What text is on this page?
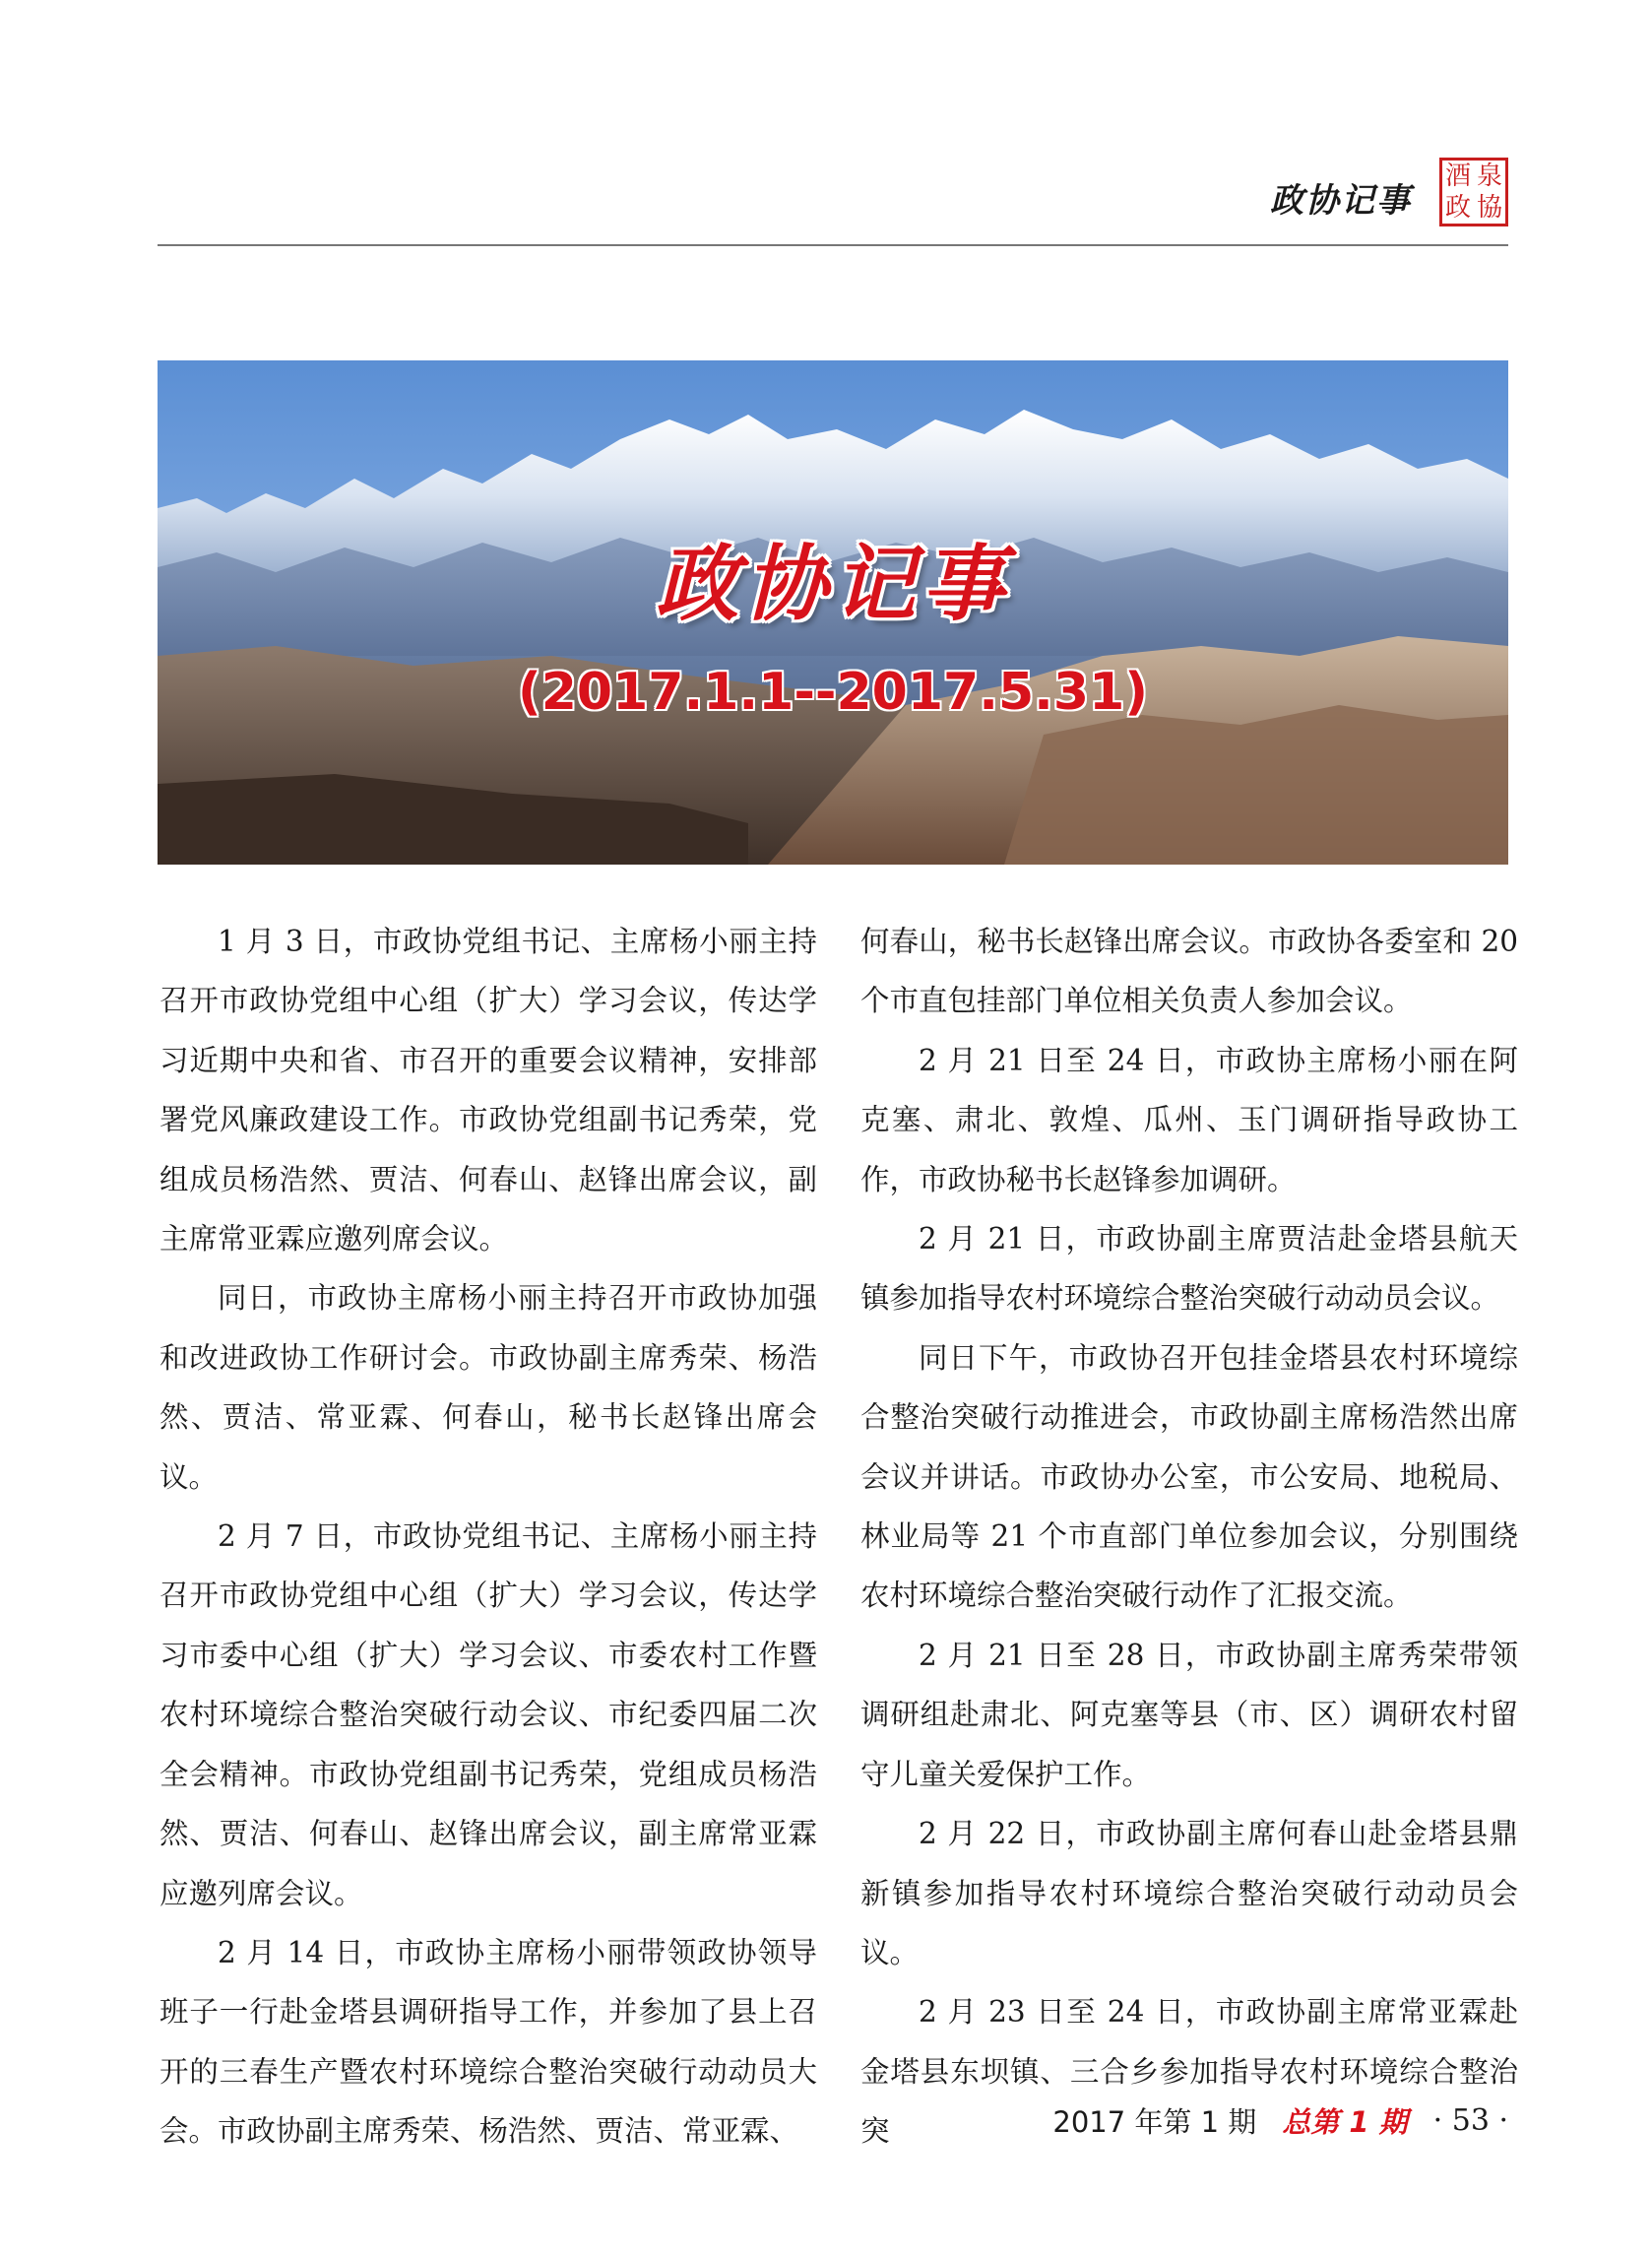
政协记事
酒 泉
政 協
政协记事
(2017.1.1--2017.5.31)

1 月 3 日，市政协党组书记、主席杨小丽主持召开市政协党组中心组（扩大）学习会议，传达学习近期中央和省、市召开的重要会议精神，安排部署党风廉政建设工作。市政协党组副书记秀荣，党组成员杨浩然、贾洁、何春山、赵锋出席会议，副主席常亚霖应邀列席会议。

同日，市政协主席杨小丽主持召开市政协加强和改进政协工作研讨会。市政协副主席秀荣、杨浩然、贾洁、常亚霖、何春山，秘书长赵锋出席会议。

2 月 7 日，市政协党组书记、主席杨小丽主持召开市政协党组中心组（扩大）学习会议，传达学习市委中心组（扩大）学习会议、市委农村工作暨农村环境综合整治突破行动会议、市纪委四届二次全会精神。市政协党组副书记秀荣，党组成员杨浩然、贾洁、何春山、赵锋出席会议，副主席常亚霖应邀列席会议。

2 月 14 日，市政协主席杨小丽带领政协领导班子一行赴金塔县调研指导工作，并参加了县上召开的三春生产暨农村环境综合整治突破行动动员大会。市政协副主席秀荣、杨浩然、贾洁、常亚霖、

何春山，秘书长赵锋出席会议。市政协各委室和 20 个市直包挂部门单位相关负责人参加会议。

2 月 21 日至 24 日，市政协主席杨小丽在阿克塞、肃北、敦煌、瓜州、玉门调研指导政协工作，市政协秘书长赵锋参加调研。

2 月 21 日，市政协副主席贾洁赴金塔县航天镇参加指导农村环境综合整治突破行动动员会议。

同日下午，市政协召开包挂金塔县农村环境综合整治突破行动推进会，市政协副主席杨浩然出席会议并讲话。市政协办公室，市公安局、地税局、林业局等 21 个市直部门单位参加会议，分别围绕农村环境综合整治突破行动作了汇报交流。

2 月 21 日至 28 日，市政协副主席秀荣带领调研组赴肃北、阿克塞等县（市、区）调研农村留守儿童关爱保护工作。

2 月 22 日，市政协副主席何春山赴金塔县鼎新镇参加指导农村环境综合整治突破行动动员会议。

2 月 23 日至 24 日，市政协副主席常亚霖赴金塔县东坝镇、三合乡参加指导农村环境综合整治突	2017 年第 1 期 总第 1 期 · 53 ·
